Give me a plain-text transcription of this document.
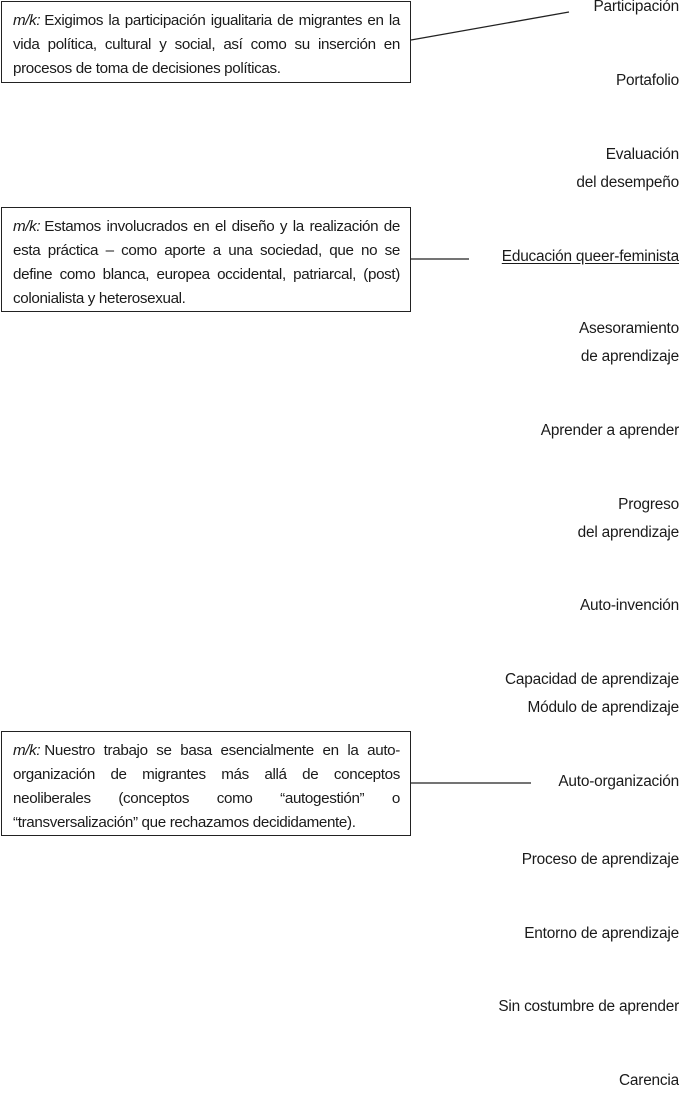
m/k: Exigimos la participación igualitaria de migrantes en la vida política, cultural y social, así como su inserción en procesos de toma de decisiones políticas.
m/k: Estamos involucrados en el diseño y la realización de esta práctica – como aporte a una sociedad, que no se define como blanca, europea occidental, patriarcal, (post) colonialista y heterosexual.
m/k: Nuestro trabajo se basa esencialmente en la auto-organización de migrantes más allá de conceptos neoliberales (conceptos como “autogestión” o “transversalización” que rechazamos decididamente).
Participación
Portafolio
Evaluación
del desempeño
Educación queer-feminista
Asesoramiento
de aprendizaje
Aprender a aprender
Progreso
del aprendizaje
Auto-invención
Capacidad de aprendizaje
Módulo de aprendizaje
Auto-organización
Proceso de aprendizaje
Entorno de aprendizaje
Sin costumbre de aprender
Carencia
